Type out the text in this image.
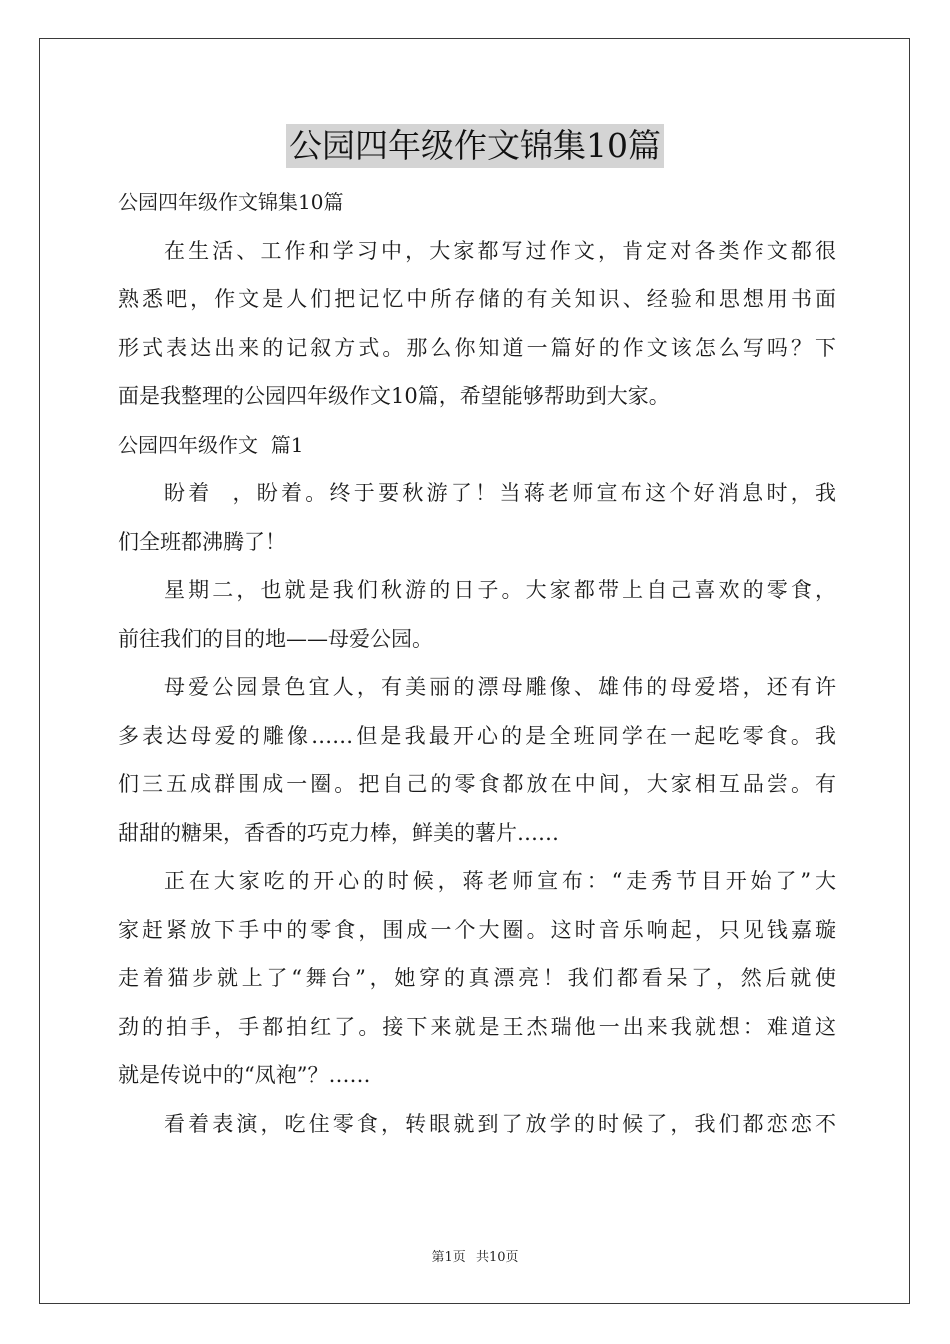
公园四年级作文锦集10篇

公园四年级作文锦集10篇

在生活、工作和学习中，大家都写过作文，肯定对各类作文都很

熟悉吧，作文是人们把记忆中所存储的有关知识、经验和思想用书面

形式表达出来的记叙方式。那么你知道一篇好的作文该怎么写吗？下

面是我整理的公园四年级作文10篇，希望能够帮助到大家。

公园四年级作文  篇1

盼着  ，盼着。终于要秋游了！当蒋老师宣布这个好消息时，我

们全班都沸腾了！

星期二，也就是我们秋游的日子。大家都带上自己喜欢的零食，

前往我们的目的地——母爱公园。

母爱公园景色宜人，有美丽的漂母雕像、雄伟的母爱塔，还有许

多表达母爱的雕像……但是我最开心的是全班同学在一起吃零食。我

们三五成群围成一圈。把自己的零食都放在中间，大家相互品尝。有

甜甜的糖果，香香的巧克力棒，鲜美的薯片……

正在大家吃的开心的时候，蒋老师宣布：“走秀节目开始了”大

家赶紧放下手中的零食，围成一个大圈。这时音乐响起，只见钱嘉璇

走着猫步就上了“舞台”，她穿的真漂亮！我们都看呆了，然后就使

劲的拍手，手都拍红了。接下来就是王杰瑞他一出来我就想：难道这

就是传说中的“凤袍”？……

看着表演，吃住零食，转眼就到了放学的时候了，我们都恋恋不

第1页 共10页
